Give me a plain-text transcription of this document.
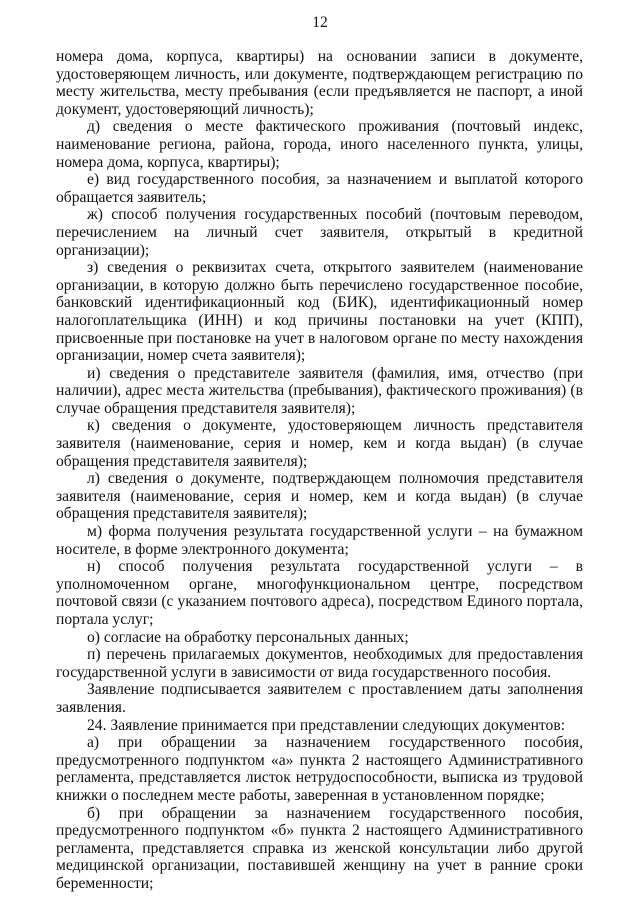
12

номера дома, корпуса, квартиры) на основании записи в документе, удостоверяющем личность, или документе, подтверждающем регистрацию по месту жительства, месту пребывания (если предъявляется не паспорт, а иной документ, удостоверяющий личность);

д) сведения о месте фактического проживания (почтовый индекс, наименование региона, района, города, иного населенного пункта, улицы, номера дома, корпуса, квартиры);

е) вид государственного пособия, за назначением и выплатой которого обращается заявитель;

ж) способ получения государственных пособий (почтовым переводом, перечислением на личный счет заявителя, открытый в кредитной организации);

з) сведения о реквизитах счета, открытого заявителем (наименование организации, в которую должно быть перечислено государственное пособие, банковский идентификационный код (БИК), идентификационный номер налогоплательщика (ИНН) и код причины постановки на учет (КПП), присвоенные при постановке на учет в налоговом органе по месту нахождения организации, номер счета заявителя);

и) сведения о представителе заявителя (фамилия, имя, отчество (при наличии), адрес места жительства (пребывания), фактического проживания) (в случае обращения представителя заявителя);

к) сведения о документе, удостоверяющем личность представителя заявителя (наименование, серия и номер, кем и когда выдан) (в случае обращения представителя заявителя);

л) сведения о документе, подтверждающем полномочия представителя заявителя (наименование, серия и номер, кем и когда выдан) (в случае обращения представителя заявителя);

м) форма получения результата государственной услуги – на бумажном носителе, в форме электронного документа;

н) способ получения результата государственной услуги – в уполномоченном органе, многофункциональном центре, посредством почтовой связи (с указанием почтового адреса), посредством Единого портала, портала услуг;

о) согласие на обработку персональных данных;

п) перечень прилагаемых документов, необходимых для предоставления государственной услуги в зависимости от вида государственного пособия.

Заявление подписывается заявителем с проставлением даты заполнения заявления.

24. Заявление принимается при представлении следующих документов:

а) при обращении за назначением государственного пособия, предусмотренного подпунктом «а» пункта 2 настоящего Административного регламента, представляется листок нетрудоспособности, выписка из трудовой книжки о последнем месте работы, заверенная в установленном порядке;

б) при обращении за назначением государственного пособия, предусмотренного подпунктом «б» пункта 2 настоящего Административного регламента, представляется справка из женской консультации либо другой медицинской организации, поставившей женщину на учет в ранние сроки беременности;
